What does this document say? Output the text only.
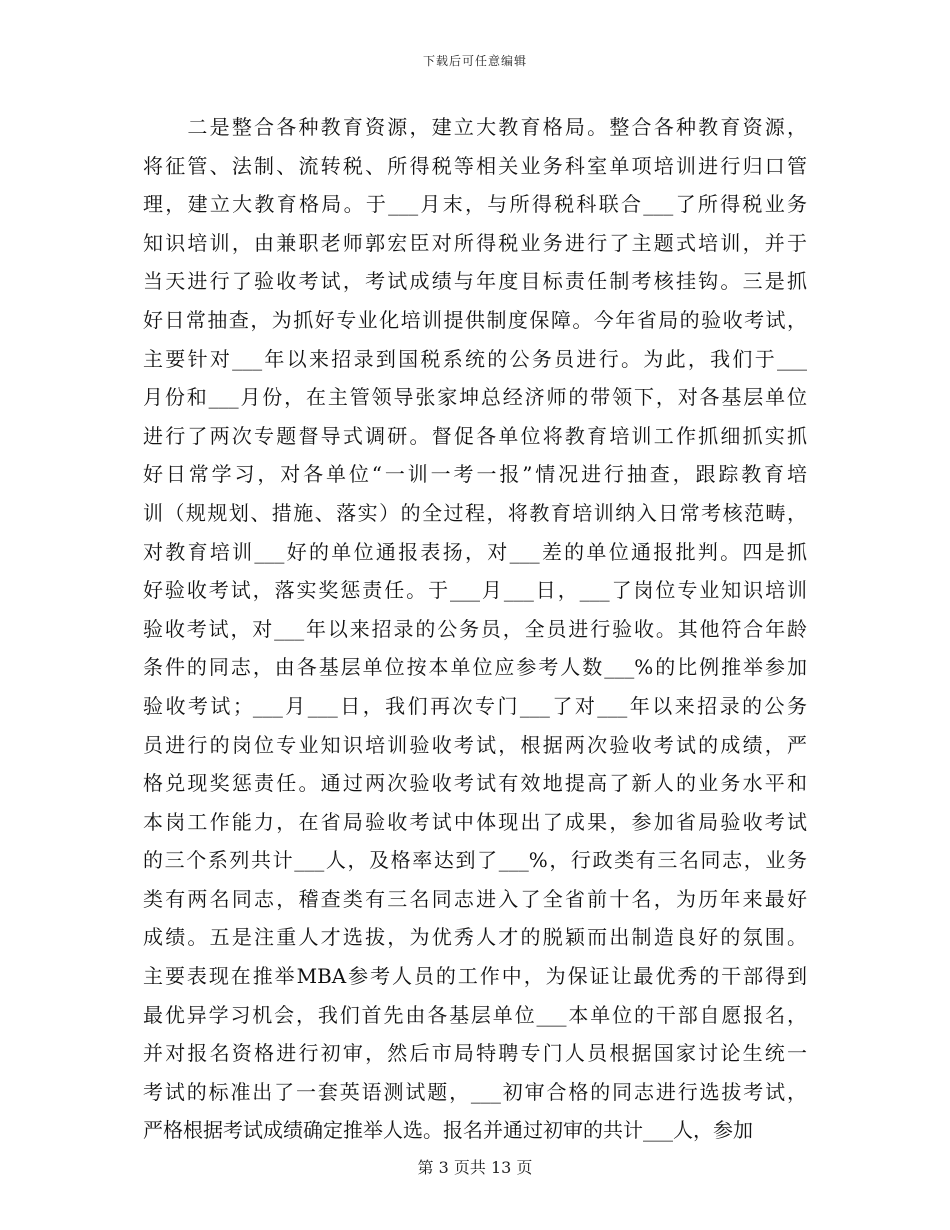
下载后可任意编辑
　　二是整合各种教育资源，建立大教育格局。整合各种教育资源，
将征管、法制、流转税、所得税等相关业务科室单项培训进行归口管
理，建立大教育格局。于___月末，与所得税科联合___了所得税业务
知识培训，由兼职老师郭宏臣对所得税业务进行了主题式培训，并于
当天进行了验收考试，考试成绩与年度目标责任制考核挂钩。三是抓
好日常抽查，为抓好专业化培训提供制度保障。今年省局的验收考试，
主要针对___年以来招录到国税系统的公务员进行。为此，我们于___
月份和___月份，在主管领导张家坤总经济师的带领下，对各基层单位
进行了两次专题督导式调研。督促各单位将教育培训工作抓细抓实抓
好日常学习，对各单位“一训一考一报”情况进行抽查，跟踪教育培
训（规规划、措施、落实）的全过程，将教育培训纳入日常考核范畴，
对教育培训___好的单位通报表扬，对___差的单位通报批判。四是抓
好验收考试，落实奖惩责任。于___月___日，___了岗位专业知识培训
验收考试，对___年以来招录的公务员，全员进行验收。其他符合年龄
条件的同志，由各基层单位按本单位应参考人数___%的比例推举参加
验收考试；___月___日，我们再次专门___了对___年以来招录的公务
员进行的岗位专业知识培训验收考试，根据两次验收考试的成绩，严
格兑现奖惩责任。通过两次验收考试有效地提高了新人的业务水平和
本岗工作能力，在省局验收考试中体现出了成果，参加省局验收考试
的三个系列共计___人，及格率达到了___%，行政类有三名同志，业务
类有两名同志，稽查类有三名同志进入了全省前十名，为历年来最好
成绩。五是注重人才选拔，为优秀人才的脱颖而出制造良好的氛围。
主要表现在推举MBA参考人员的工作中，为保证让最优秀的干部得到
最优异学习机会，我们首先由各基层单位___本单位的干部自愿报名，
并对报名资格进行初审，然后市局特聘专门人员根据国家讨论生统一
考试的标准出了一套英语测试题，___初审合格的同志进行选拔考试，
严格根据考试成绩确定推举人选。报名并通过初审的共计___人，参加
第 3 页共 13 页
